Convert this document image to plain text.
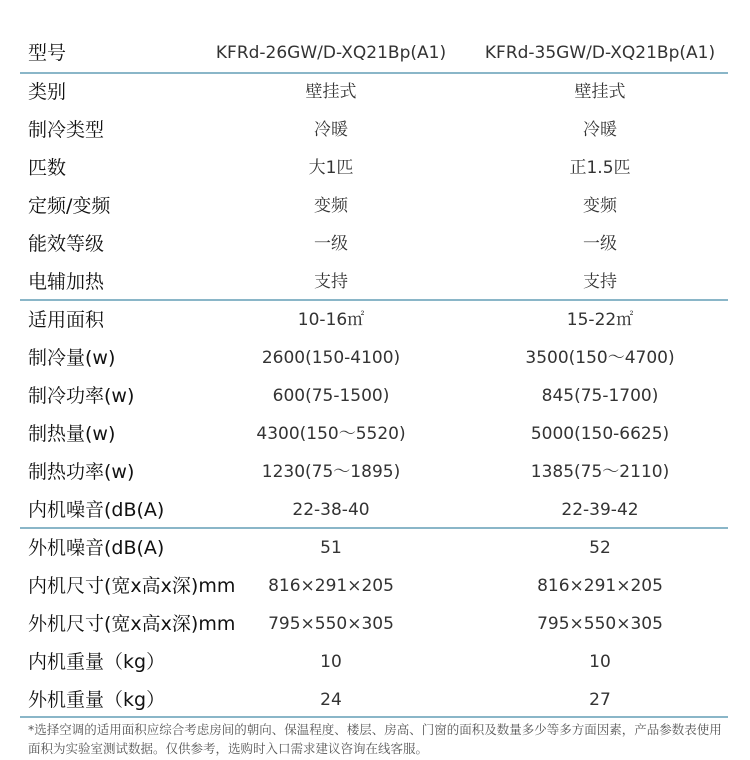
型号	KFRd-26GW/D-XQ21Bp(A1)	KFRd-35GW/D-XQ21Bp(A1)
类别	壁挂式	壁挂式
制冷类型	冷暖	冷暖
匹数	大1匹	正1.5匹
定频/变频	变频	变频
能效等级	一级	一级
电辅加热	支持	支持
适用面积	10-16㎡	15-22㎡
制冷量(w)	2600(150-4100)	3500(150～4700)
制冷功率(w)	600(75-1500)	845(75-1700)
制热量(w)	4300(150～5520)	5000(150-6625)
制热功率(w)	1230(75～1895)	1385(75～2110)
内机噪音(dB(A)	22-38-40	22-39-42
外机噪音(dB(A)	51	52
内机尺寸(宽x高x深)mm	816×291×205	816×291×205
外机尺寸(宽x高x深)mm	795×550×305	795×550×305
内机重量（kg）	10	10
外机重量（kg）	24	27
*选择空调的适用面积应综合考虑房间的朝向、保温程度、楼层、房高、门窗的面积及数量多少等多方面因素，产品参数表使用面积为实验室测试数据。仅供参考，选购时入口需求建议咨询在线客服。
